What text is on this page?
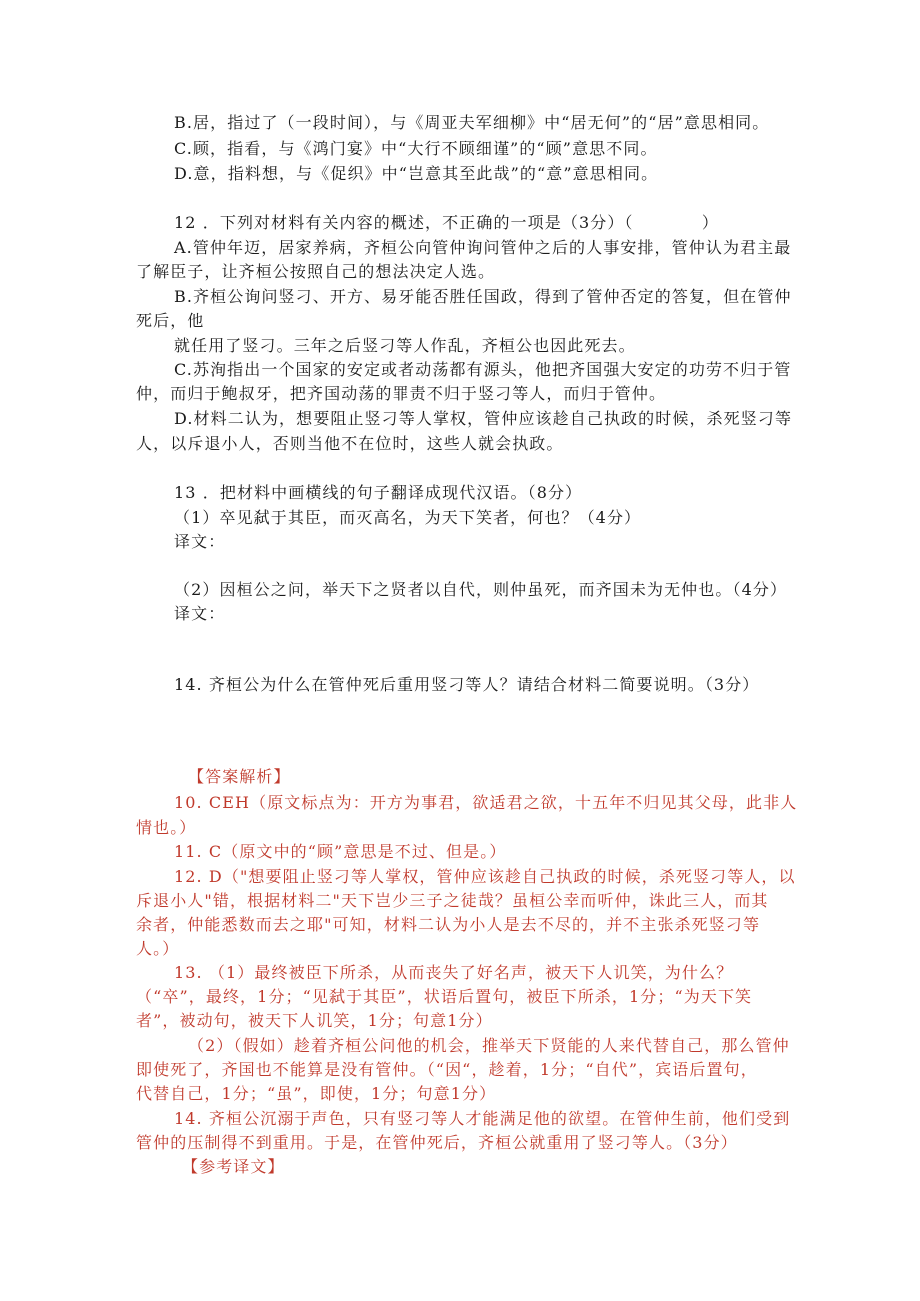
B.居，指过了（一段时间），与《周亚夫军细柳》中“居无何”的“居”意思相同。
C.顾，指看，与《鸿门宴》中“大行不顾细谨”的“顾”意思不同。
D.意，指料想，与《促织》中“岂意其至此哉”的“意”意思相同。
12 ．下列对材料有关内容的概述，不正确的一项是（3分）（　　　　）
A.管仲年迈，居家养病，齐桓公向管仲询问管仲之后的人事安排，管仲认为君主最
了解臣子，让齐桓公按照自己的想法决定人选。
B.齐桓公询问竖刁、开方、易牙能否胜任国政，得到了管仲否定的答复，但在管仲
死后，他
就任用了竖刁。三年之后竖刁等人作乱，齐桓公也因此死去。
C.苏洵指出一个国家的安定或者动荡都有源头，他把齐国强大安定的功劳不归于管
仲，而归于鲍叔牙，把齐国动荡的罪责不归于竖刁等人，而归于管仲。
D.材料二认为，想要阻止竖刁等人掌权，管仲应该趁自己执政的时候，杀死竖刁等
人，以斥退小人，否则当他不在位时，这些人就会执政。
13 ．把材料中画横线的句子翻译成现代汉语。（8分）
（1）卒见弑于其臣，而灭高名，为天下笑者，何也？（4分）
译文：
（2）因桓公之问，举天下之贤者以自代，则仲虽死，而齐国未为无仲也。（4分）
译文：
14. 齐桓公为什么在管仲死后重用竖刁等人？请结合材料二简要说明。（3分）
【答案解析】
10. CEH（原文标点为：开方为事君，欲适君之欲，十五年不归见其父母，此非人
情也。）
11. C（原文中的“顾”意思是不过、但是。）
12. D（"想要阻止竖刁等人掌权，管仲应该趁自己执政的时候，杀死竖刁等人，以
斥退小人"错，根据材料二"天下岂少三子之徒哉？虽桓公幸而听仲，诛此三人，而其
余者，仲能悉数而去之耶"可知，材料二认为小人是去不尽的，并不主张杀死竖刁等
人。）
13. （1）最终被臣下所杀，从而丧失了好名声，被天下人讥笑，为什么？
（“卒”，最终，1分；“见弑于其臣”，状语后置句，被臣下所杀，1分；“为天下笑
者”，被动句，被天下人讥笑，1分；句意1分）
（2）（假如）趁着齐桓公问他的机会，推举天下贤能的人来代替自己，那么管仲
即使死了，齐国也不能算是没有管仲。（“因“，趁着，1分；“自代”，宾语后置句，
代替自己，1分；“虽”，即使，1分；句意1分）
14. 齐桓公沉溺于声色，只有竖刁等人才能满足他的欲望。在管仲生前，他们受到
管仲的压制得不到重用。于是，在管仲死后，齐桓公就重用了竖刁等人。（3分）
【参考译文】
